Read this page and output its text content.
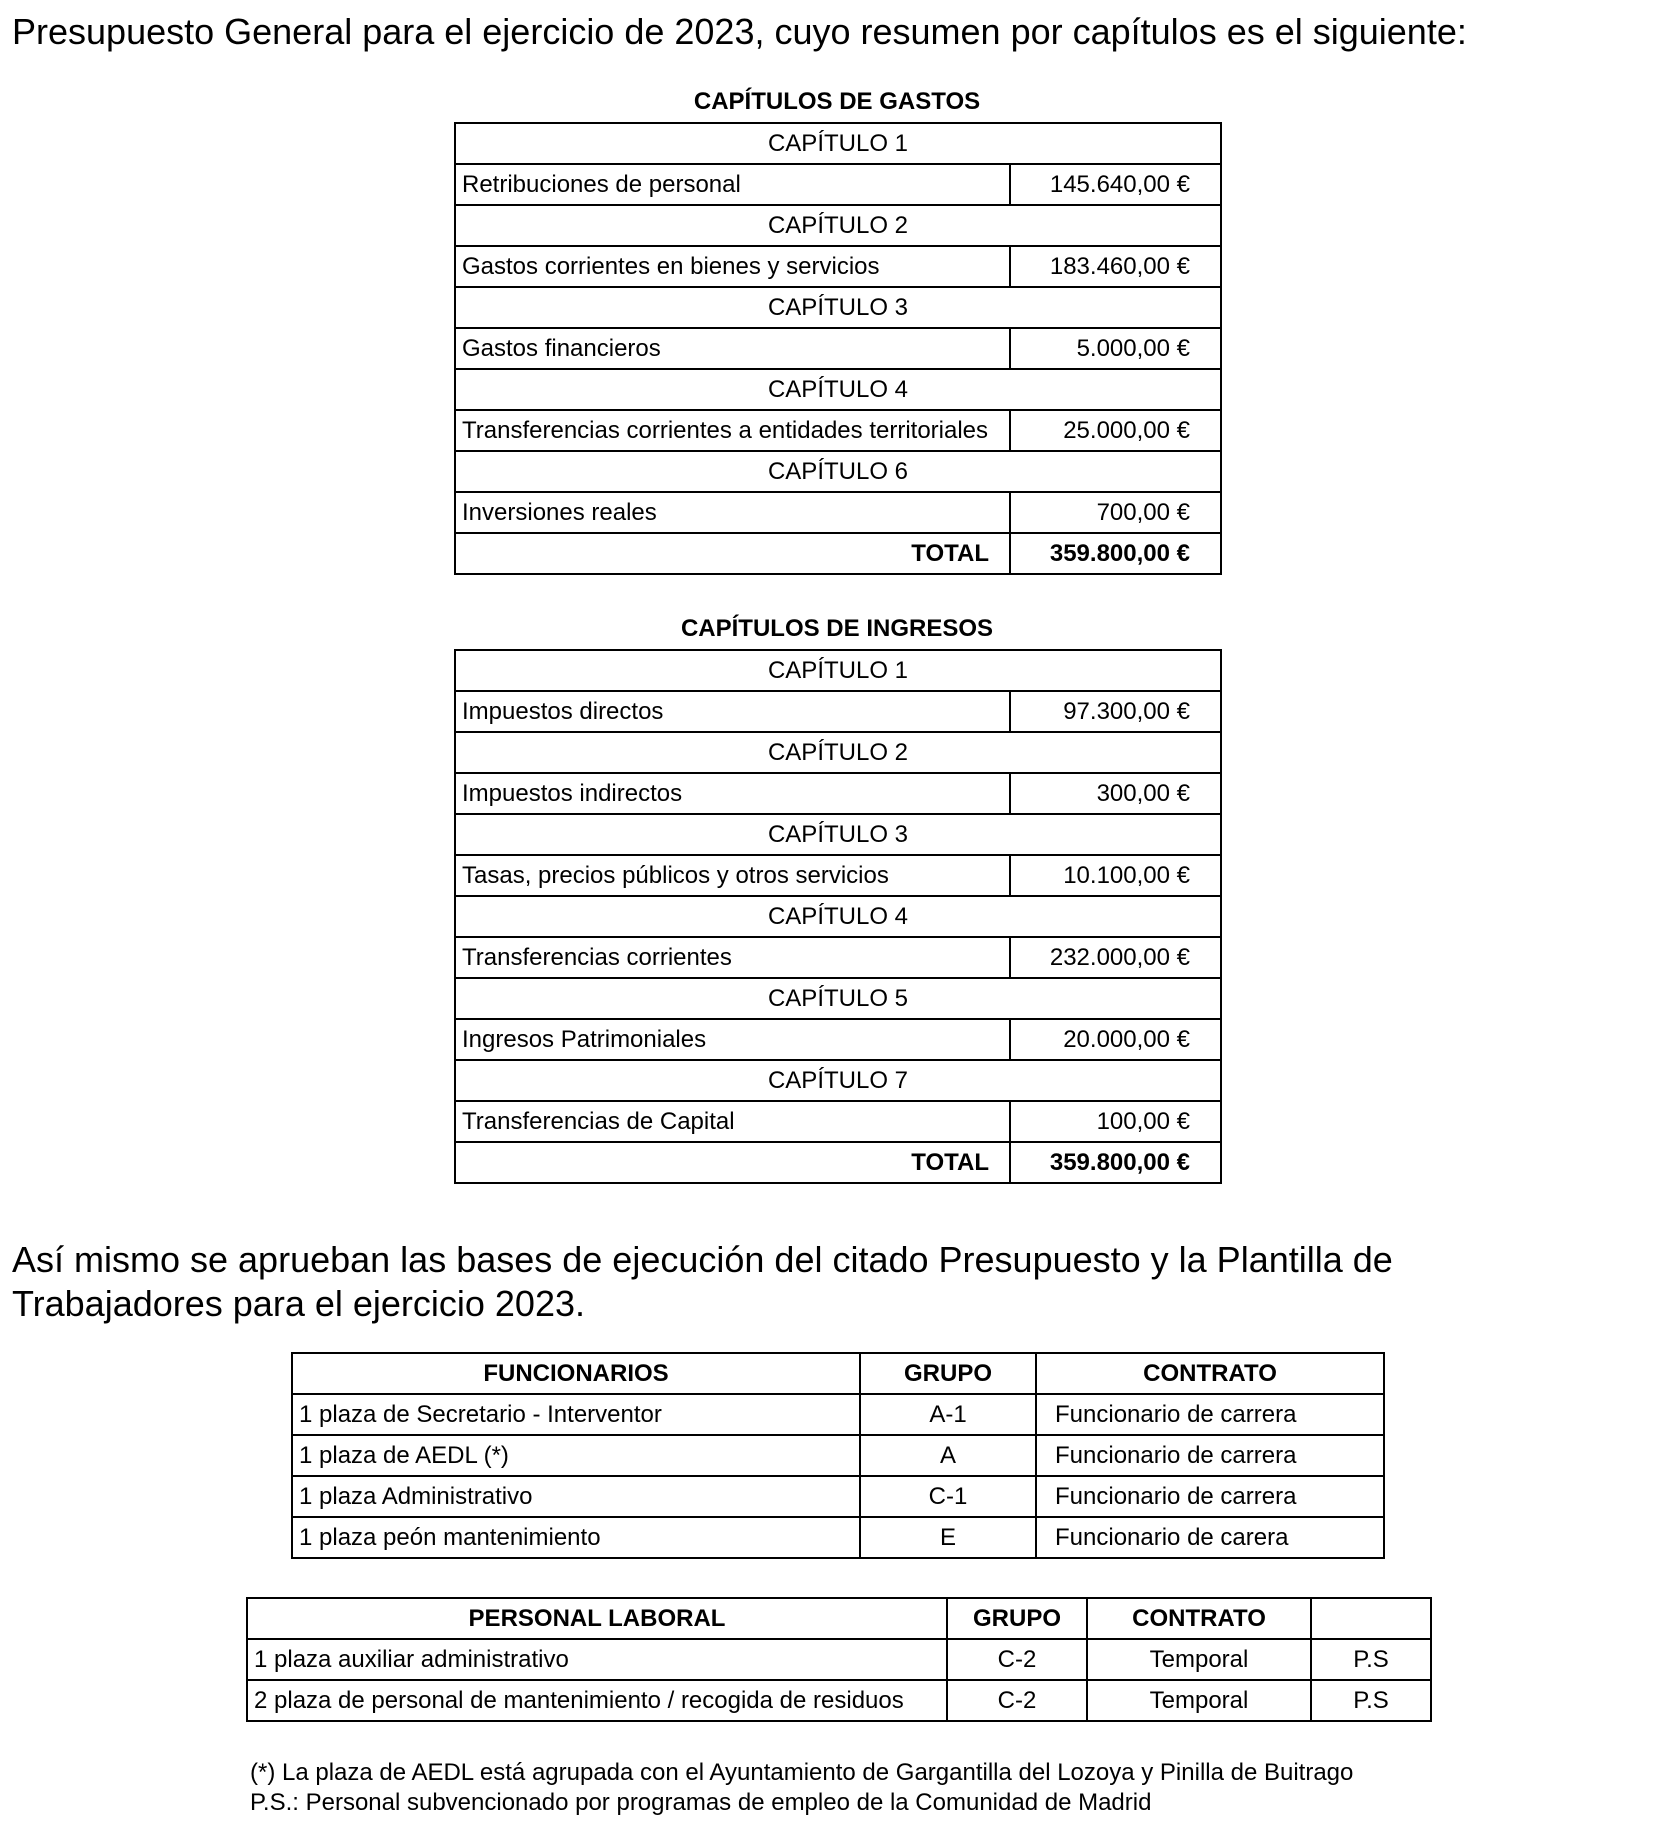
Presupuesto General para el ejercicio de 2023, cuyo resumen por capítulos es el siguiente:

CAPÍTULOS DE GASTOS
CAPÍTULO 1	
Retribuciones de personal	145.640,00 €
CAPÍTULO 2	
Gastos corrientes en bienes y servicios	183.460,00 €
CAPÍTULO 3	
Gastos financieros	5.000,00 €
CAPÍTULO 4	
Transferencias corrientes a entidades territoriales	25.000,00 €
CAPÍTULO 6	
Inversiones reales	700,00 €
TOTAL	359.800,00 €
CAPÍTULOS DE INGRESOS
CAPÍTULO 1	
Impuestos directos	97.300,00 €
CAPÍTULO 2	
Impuestos indirectos	300,00 €
CAPÍTULO 3	
Tasas, precios públicos y otros servicios	10.100,00 €
CAPÍTULO 4	
Transferencias corrientes	232.000,00 €
CAPÍTULO 5	
Ingresos Patrimoniales	20.000,00 €
CAPÍTULO 7	
Transferencias de Capital	100,00 €
TOTAL	359.800,00 €

Así mismo se aprueban las bases de ejecución del citado Presupuesto y la Plantilla de

Trabajadores para el ejercicio 2023.

FUNCIONARIOS	GRUPO	CONTRATO
1 plaza de Secretario - Interventor	A-1	Funcionario de carrera
1 plaza de AEDL (*)	A	Funcionario de carrera
1 plaza Administrativo	C-1	Funcionario de carrera
1 plaza peón mantenimiento	E	Funcionario de carera
PERSONAL LABORAL	GRUPO	CONTRATO	
1 plaza auxiliar administrativo	C-2	Temporal	P.S
2 plaza de personal de mantenimiento / recogida de residuos	C-2	Temporal	P.S

(*) La plaza de AEDL está agrupada con el Ayuntamiento de Gargantilla del Lozoya y Pinilla de Buitrago

P.S.: Personal subvencionado por programas de empleo de la Comunidad de Madrid
